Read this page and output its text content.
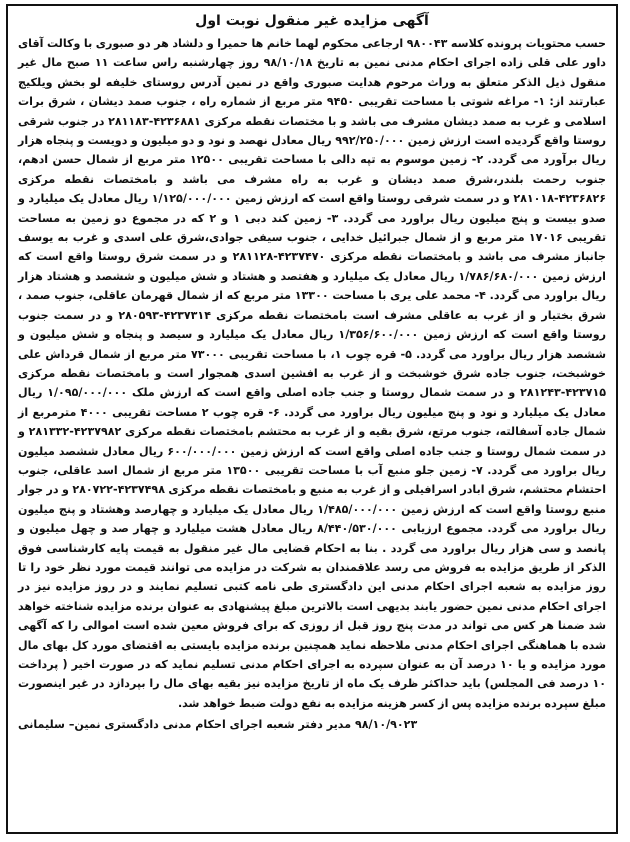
آگهی مزایده غیر منقول نوبت اول

حسب محتویات پرونده کلاسه ۹۸۰۰۴۳ ارجاعی محکوم لهما خانم ها حمیرا و دلشاد هر دو صبوری با وکالت آقای داور علی قلی زاده اجرای احکام مدنی نمین به تاریخ ۹۸/۱۰/۱۸ روز چهارشنبه راس ساعت ۱۱ صبح مال غیر منقول ذیل الذکر متعلق به وراث مرحوم هدایت صبوری واقع در نمین آدرس روستای خلیفه لو بخش ویلکیج عبارتند از: ۱- مراغه شوتی با مساحت تقریبی ۹۴۵۰ متر مربع از شماره راه ، جنوب صمد دیشان ، شرق برات اسلامی و غرب به صمد دیشان مشرف می باشد و با مختصات نقطه مرکزی ۴۲۳۶۸۸۱-۲۸۱۱۸۳ در جنوب شرقی روستا واقع گردیده است ارزش زمین ۹۹۲/۲۵۰/۰۰۰ ریال معادل نهصد و نود و دو میلیون و دویست و پنجاه هزار ریال برآورد می گردد. ۲- زمین موسوم به تپه دالی با مساحت تقریبی ۱۲۵۰۰ متر مربع از شمال حسن ادهم، جنوب رحمت بلندر،شرق صمد دیشان و غرب به راه مشرف می باشد و بامختصات نقطه مرکزی ۴۲۳۶۸۲۶-۲۸۱۰۱۸ و در سمت شرقی روستا واقع است که ارزش زمین ۱/۱۲۵/۰۰۰/۰۰۰ ریال معادل یک میلیارد و صدو بیست و پنج میلیون ریال براورد می گردد. ۳- زمین کند دبی ۱ و ۲ که در مجموع دو زمین به مساحت تقریبی ۱۷۰۱۶ متر مربع و از شمال جبرائیل خدایی ، جنوب سیفی جوادی،شرق علی اسدی و غرب به یوسف جانباز مشرف می باشد و بامختصات نقطه مرکزی ۴۲۳۷۴۷۰-۲۸۱۱۲۸ و در سمت شرق روستا واقع است که ارزش زمین ۱/۷۸۶/۶۸۰/۰۰۰ ریال معادل یک میلیارد و هفتصد و هشتاد و شش میلیون و ششصد و هشتاد هزار ریال براورد می گردد. ۴- محمد علی یری با مساحت ۱۳۳۰۰ متر مربع که از شمال قهرمان عاقلی، جنوب صمد ، شرق بختیار و از غرب به عاقلی مشرف است بامختصات نقطه مرکزی ۴۲۳۷۳۱۴-۲۸۰۵۹۳ و در سمت جنوب روستا واقع است که ارزش زمین ۱/۳۵۶/۶۰۰/۰۰۰ ریال معادل یک میلیارد و سیصد و پنجاه و شش میلیون و ششصد هزار ریال براورد می گردد. ۵- قره چوب ۱، با مساحت تقریبی ۷۳۰۰۰ متر مربع از شمال قرداش علی خوشبخت، جنوب جاده شرق خوشبخت و از غرب به افشین اسدی همجوار است و بامختصات نقطه مرکزی ۴۲۳۷۱۵-۲۸۱۲۴۳ و در سمت شمال روستا و جنب جاده اصلی واقع است که ارزش ملک ۱/۰۹۵/۰۰۰/۰۰۰ ریال معادل یک میلیارد و نود و پنج میلیون ریال براورد می گردد. ۶- قره چوب ۲ مساحت تقریبی ۴۰۰۰ مترمربع از شمال جاده آسفالته، جنوب مرتع، شرق بقیه و از غرب به محتشم بامختصات نقطه مرکزی ۴۲۳۷۹۸۲-۲۸۱۳۳۲ و در سمت شمال روستا و جنب جاده اصلی واقع است که ارزش زمین ۶۰۰/۰۰۰/۰۰۰ ریال معادل ششصد میلیون ریال براورد می گردد. ۷- زمین جلو منبع آب با مساحت تقریبی ۱۳۵۰۰ متر مربع از شمال اسد عاقلی، جنوب احتشام محتشم، شرق ابادر اسرافیلی و از غرب به منبع و بامختصات نقطه مرکزی ۴۲۳۷۴۹۸-۲۸۰۷۲۲ و در جوار منبع روستا واقع است که ارزش زمین ۱/۴۸۵/۰۰۰/۰۰۰ ریال معادل یک میلیارد و چهارصد وهشتاد و پنج میلیون ریال براورد می گردد. مجموع ارزیابی ۸/۴۴۰/۵۳۰/۰۰۰ ریال معادل هشت میلیارد و چهار صد و چهل میلیون و پانصد و سی هزار ریال براورد می گردد . بنا به احکام قضایی مال غیر منقول به قیمت پایه کارشناسی فوق الذکر از طریق مزایده به فروش می رسد علاقمندان به شرکت در مزایده می توانند قیمت مورد نظر خود را تا روز مزایده به شعبه اجرای احکام مدنی این دادگستری طی نامه کتبی تسلیم نمایند و در روز مزایده نیز در اجرای احکام مدنی نمین حضور یابند بدیهی است بالاترین مبلغ پیشنهادی به عنوان برنده مزایده شناخته خواهد شد ضمنا هر کس می تواند در مدت پنج روز قبل از روزی که برای فروش معین شده است اموالی را که آگهی شده با هماهنگی اجرای احکام مدنی ملاحظه نماید همچنین برنده مزایده بایستی به اقتضای مورد کل بهای مال مورد مزایده و یا ۱۰ درصد آن به عنوان سپرده به اجرای احکام مدنی تسلیم نماید که در صورت اخیر ( پرداخت ۱۰ درصد فی المجلس) باید حداکثر ظرف یک ماه از تاریخ مزایده نیز بقیه بهای مال را بپردازد در غیر اینصورت مبلغ سپرده برنده مزایده پس از کسر هزینه مزایده به نفع دولت ضبط خواهد شد.

۹۸/۱۰/۹۰۲۳ مدیر دفتر شعبه اجرای احکام مدنی دادگستری نمین– سلیمانی
